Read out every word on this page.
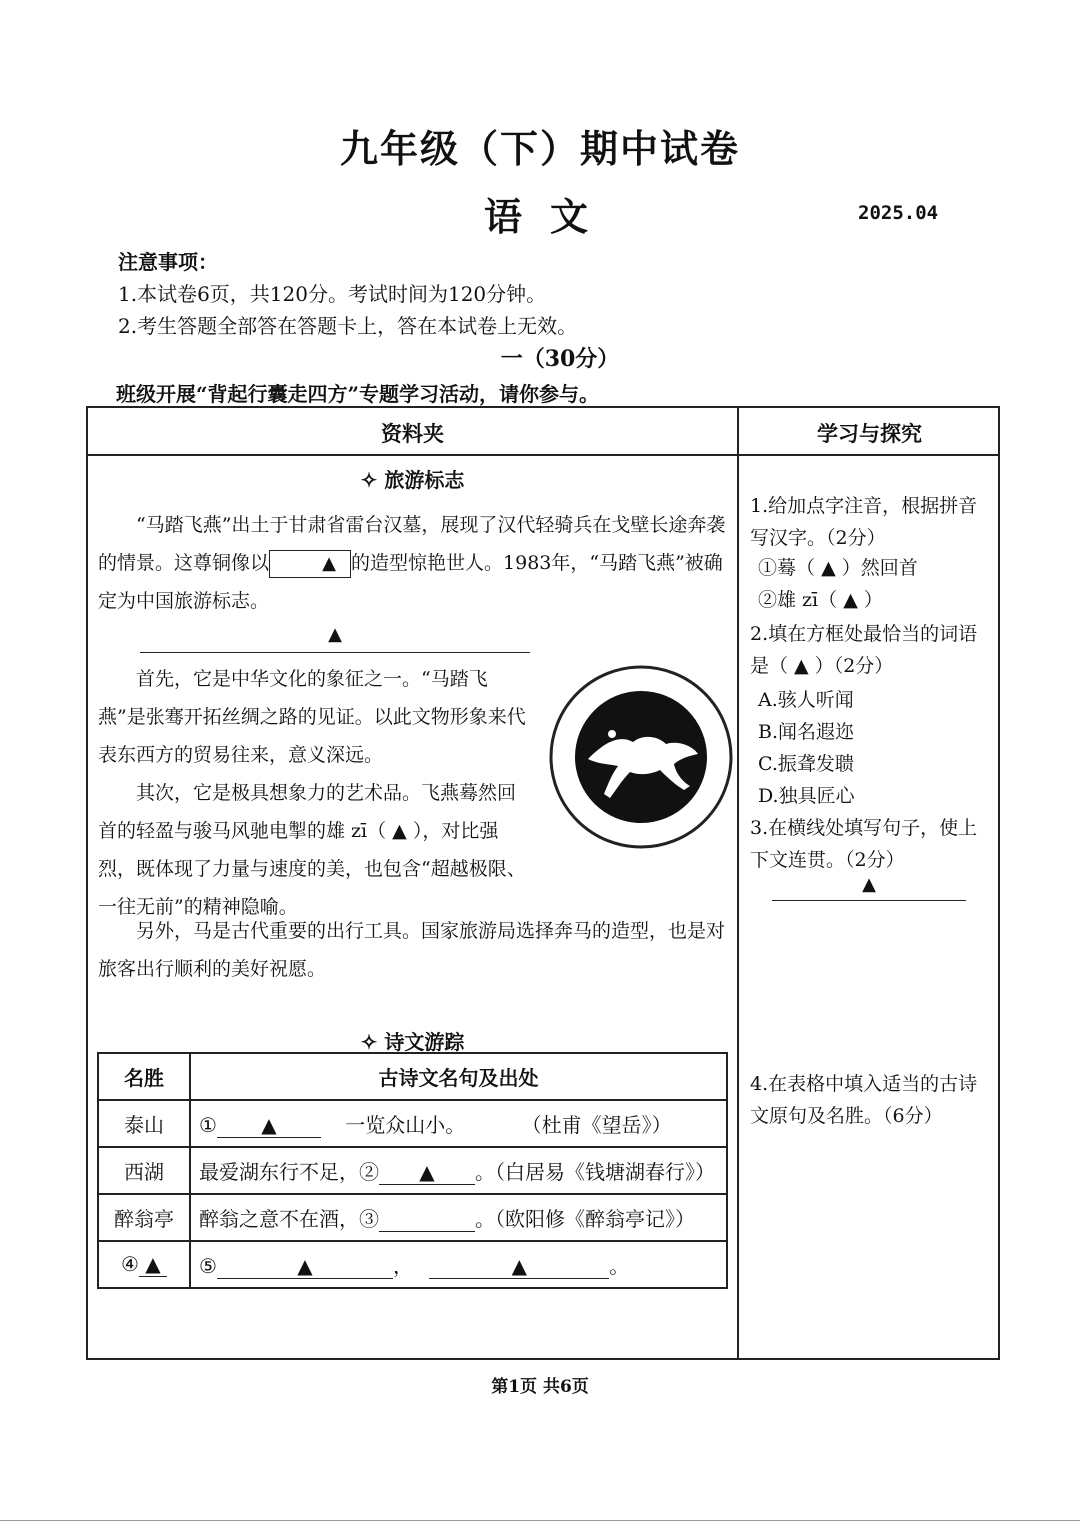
九年级（下）期中试卷
语文	2025.04
注意事项：
1.本试卷6页，共120分。考试时间为120分钟。
2.考生答题全部答在答题卡上，答在本试卷上无效。
一（30分）
班级开展“背起行囊走四方”专题学习活动，请你参与。
资料夹	学习与探究
✧ 旅游标志

“马踏飞燕”出土于甘肃省雷台汉墓，展现了汉代轻骑兵在戈壁长途奔袭的情景。这尊铜像以	▲ 的造型惊艳世人。1983年，“马踏飞燕”被确定为中国旅游标志。

▲

首先，它是中华文化的象征之一。“马踏飞燕”是张骞开拓丝绸之路的见证。以此文物形象来代表东西方的贸易往来，意义深远。

其次，它是极具想象力的艺术品。飞燕蓦然回首的轻盈与骏马风驰电掣的雄 zī（ ▲ ），对比强烈，既体现了力量与速度的美，也包含“超越极限、一往无前”的精神隐喻。

另外，马是古代重要的出行工具。国家旅游局选择奔马的造型，也是对旅客出行顺利的美好祝愿。

✧ 诗文游踪
名胜	古诗文名句及出处
泰山	① ▲ 一览众山小。 （杜甫《望岳》）
西湖	最爱湖东行不足，② ▲ 。（白居易《钱塘湖春行》）
醉翁亭	醉翁之意不在酒，③ 。（欧阳修《醉翁亭记》）
④ ▲	⑤ ▲ ， ▲ 。
1.给加点字注音，根据拼音写汉字。（2分）
①蓦（ ▲ ）然回首
②雄 zī（ ▲ ）
2.填在方框处最恰当的词语是（ ▲ ）（2分）
A.骇人听闻
B.闻名遐迩
C.振聋发聩
D.独具匠心
3.在横线处填写句子，使上下文连贯。（2分）
▲
4.在表格中填入适当的古诗文原句及名胜。（6分）
第1页 共6页
